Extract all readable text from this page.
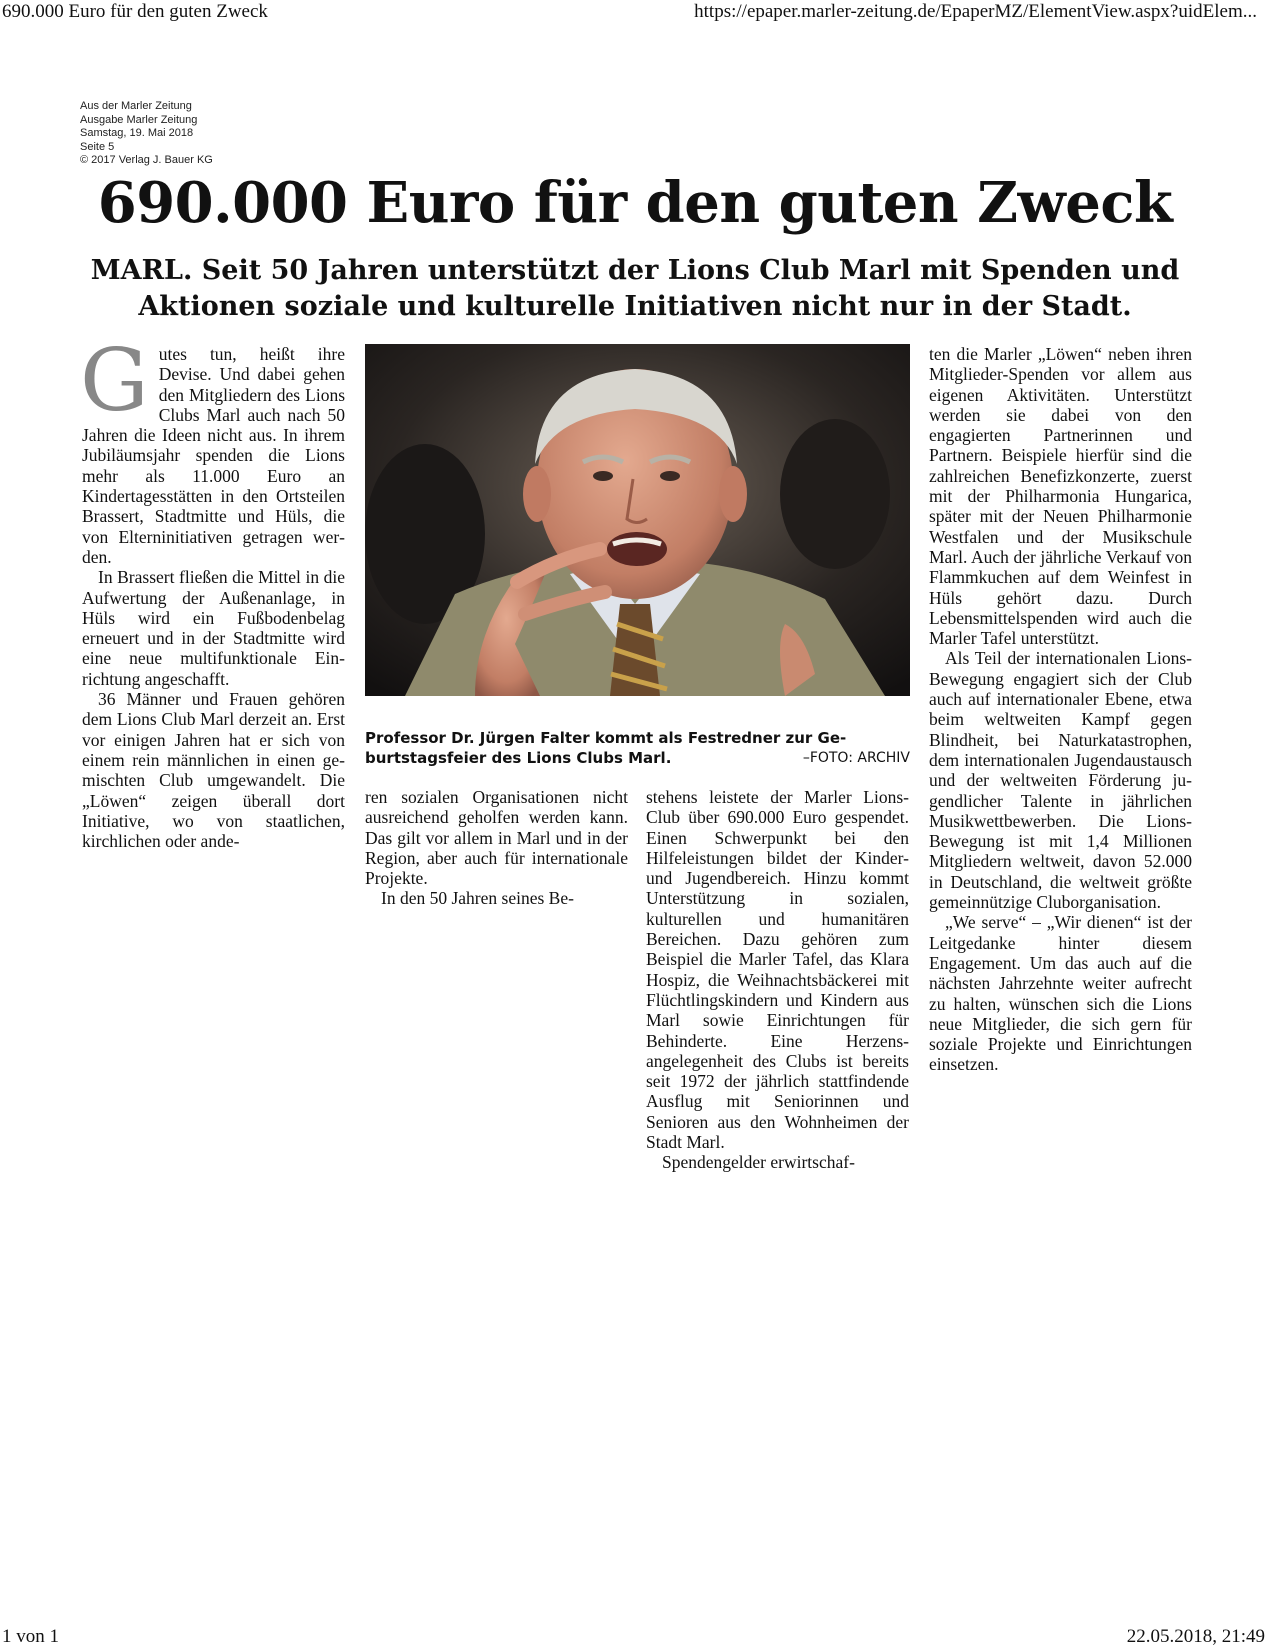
690.000 Euro für den guten Zweck	https://epaper.marler-zeitung.de/EpaperMZ/ElementView.aspx?uidElem...
Aus der Marler Zeitung
Ausgabe Marler Zeitung
Samstag, 19. Mai 2018
Seite 5
© 2017 Verlag J. Bauer KG
690.000 Euro für den guten Zweck
MARL. Seit 50 Jahren unterstützt der Lions Club Marl mit Spenden und Aktionen soziale und kulturelle Initiativen nicht nur in der Stadt.

Gutes tun, heißt ihre Devise. Und dabei gehen den Mitgliedern des Lions Clubs Marl auch nach 50 Jahren die Ideen nicht aus. In ihrem Jubiläumsjahr spenden die Lions mehr als 11.000 Euro an Kindertagesstätten in den Ortsteilen Brassert, Stadtmitte und Hüls, die von Elterninitiativen getragen werden.

In Brassert fließen die Mittel in die Aufwertung der Außenanlage, in Hüls wird ein Fußbodenbelag erneuert und in der Stadtmitte wird eine neue multifunktionale Einrichtung angeschafft.

36 Männer und Frauen gehören dem Lions Club Marl derzeit an. Erst vor einigen Jahren hat er sich von einem rein männlichen in einen gemischten Club umgewandelt. Die „Löwen“ zeigen überall dort Initiative, wo von staatlichen, kirchlichen oder ande-

Professor Dr. Jürgen Falter kommt als Festredner zur Geburtstagsfeier des Lions Clubs Marl.	–FOTO: ARCHIV

ren sozialen Organisationen nicht ausreichend geholfen werden kann. Das gilt vor allem in Marl und in der Region, aber auch für internationale Projekte.

In den 50 Jahren seines Be-

stehens leistete der Marler Lions-Club über 690.000 Euro gespendet. Einen Schwerpunkt bei den Hilfeleistungen bildet der Kinder- und Jugendbereich. Hinzu kommt Unterstützung in sozialen, kulturellen und humanitären Bereichen. Dazu gehören zum Beispiel die Marler Tafel, das Klara Hospiz, die Weihnachtsbäckerei mit Flüchtlingskindern und Kindern aus Marl sowie Einrichtungen für Behinderte. Eine Herzensangelegenheit des Clubs ist bereits seit 1972 der jährlich stattfindende Ausflug mit Seniorinnen und Senioren aus den Wohnheimen der Stadt Marl.

Spendengelder erwirtschaf-

ten die Marler „Löwen“ neben ihren Mitglieder-Spenden vor allem aus eigenen Aktivitäten. Unterstützt werden sie dabei von den engagierten Partnerinnen und Partnern. Beispiele hierfür sind die zahlreichen Benefizkonzerte, zuerst mit der Philharmonia Hungarica, später mit der Neuen Philharmonie Westfalen und der Musikschule Marl. Auch der jährliche Verkauf von Flammkuchen auf dem Weinfest in Hüls gehört dazu. Durch Lebensmittelspenden wird auch die Marler Tafel unterstützt.

Als Teil der internationalen Lions-Bewegung engagiert sich der Club auch auf internationaler Ebene, etwa beim weltweiten Kampf gegen Blindheit, bei Naturkatastrophen, dem internationalen Jugendaustausch und der weltweiten Förderung jugendlicher Talente in jährlichen Musikwettbewerben. Die Lions-Bewegung ist mit 1,4 Millionen Mitgliedern weltweit, davon 52.000 in Deutschland, die weltweit größte gemeinnützige Cluborganisation.

„We serve“ – „Wir dienen“ ist der Leitgedanke hinter diesem Engagement. Um das auch auf die nächsten Jahrzehnte weiter aufrecht zu halten, wünschen sich die Lions neue Mitglieder, die sich gern für soziale Projekte und Einrichtungen einsetzen.

1 von 1	22.05.2018, 21:49
